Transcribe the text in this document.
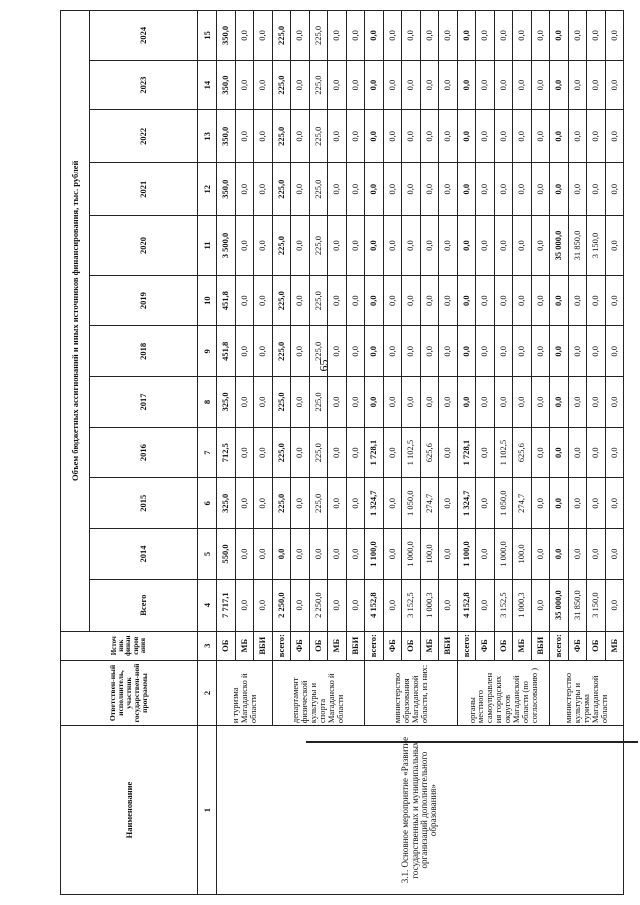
65
Наименование	Ответствен-ный исполнитель, участник государствен-ной программы	Источ ник финан сиров ания	Объем бюджетных ассигнований и иных источников финансирования, тыс. рублей											
			Всего	2014	2015	2016	2017	2018	2019	2020	2021	2022	2023	2024
1	2	3	4	5	6	7	8	9	10	11	12	13	14	15
3.1. Основное мероприятие «Развитие государственных и муниципальных организаций дополнительного образования»	и туризма Магаданско й области	ОБ	7 717,1	550,0	325,0	712,5	325,0	451,8	451,8	3 500,0	350,0	350,0	350,0	350,0
		МБ	0,0	0,0	0,0	0,0	0,0	0,0	0,0	0,0	0,0	0,0	0,0	0,0
		ВБИ	0,0	0,0	0,0	0,0	0,0	0,0	0,0	0,0	0,0	0,0	0,0	0,0
	департамент физической культуры и спорта Магаданско й области	всего:	2 250,0	0,0	225,0	225,0	225,0	225,0	225,0	225,0	225,0	225,0	225,0	225,0
		ФБ	0,0	0,0	0,0	0,0	0,0	0,0	0,0	0,0	0,0	0,0	0,0	0,0
		ОБ	2 250,0	0,0	225,0	225,0	225,0	225,0	225,0	225,0	225,0	225,0	225,0	225,0
		МБ	0,0	0,0	0,0	0,0	0,0	0,0	0,0	0,0	0,0	0,0	0,0	0,0
		ВБИ	0,0	0,0	0,0	0,0	0,0	0,0	0,0	0,0	0,0	0,0	0,0	0,0
	министерство образования Магаданской области, из них:	всего:	4 152,8	1 100,0	1 324,7	1 728,1	0,0	0,0	0,0	0,0	0,0	0,0	0,0	0,0
		ФБ	0,0	0,0	0,0	0,0	0,0	0,0	0,0	0,0	0,0	0,0	0,0	0,0
		ОБ	3 152,5	1 000,0	1 050,0	1 102,5	0,0	0,0	0,0	0,0	0,0	0,0	0,0	0,0
		МБ	1 000,3	100,0	274,7	625,6	0,0	0,0	0,0	0,0	0,0	0,0	0,0	0,0
		ВБИ	0,0	0,0	0,0	0,0	0,0	0,0	0,0	0,0	0,0	0,0	0,0	0,0
	органы местного самоуправлен ия городских округов Магаданской области (по согласованию )	всего:	4 152,8	1 100,0	1 324,7	1 728,1	0,0	0,0	0,0	0,0	0,0	0,0	0,0	0,0
		ФБ	0,0	0,0	0,0	0,0	0,0	0,0	0,0	0,0	0,0	0,0	0,0	0,0
		ОБ	3 152,5	1 000,0	1 050,0	1 102,5	0,0	0,0	0,0	0,0	0,0	0,0	0,0	0,0
		МБ	1 000,3	100,0	274,7	625,6	0,0	0,0	0,0	0,0	0,0	0,0	0,0	0,0
		ВБИ	0,0	0,0	0,0	0,0	0,0	0,0	0,0	0,0	0,0	0,0	0,0	0,0
	министерство культуры и туризма Магаданской области	всего:	35 000,0	0,0	0,0	0,0	0,0	0,0	0,0	35 000,0	0,0	0,0	0,0	0,0
		ФБ	31 850,0	0,0	0,0	0,0	0,0	0,0	0,0	31 850,0	0,0	0,0	0,0	0,0
		ОБ	3 150,0	0,0	0,0	0,0	0,0	0,0	0,0	3 150,0	0,0	0,0	0,0	0,0
		МБ	0,0	0,0	0,0	0,0	0,0	0,0	0,0	0,0	0,0	0,0	0,0	0,0
